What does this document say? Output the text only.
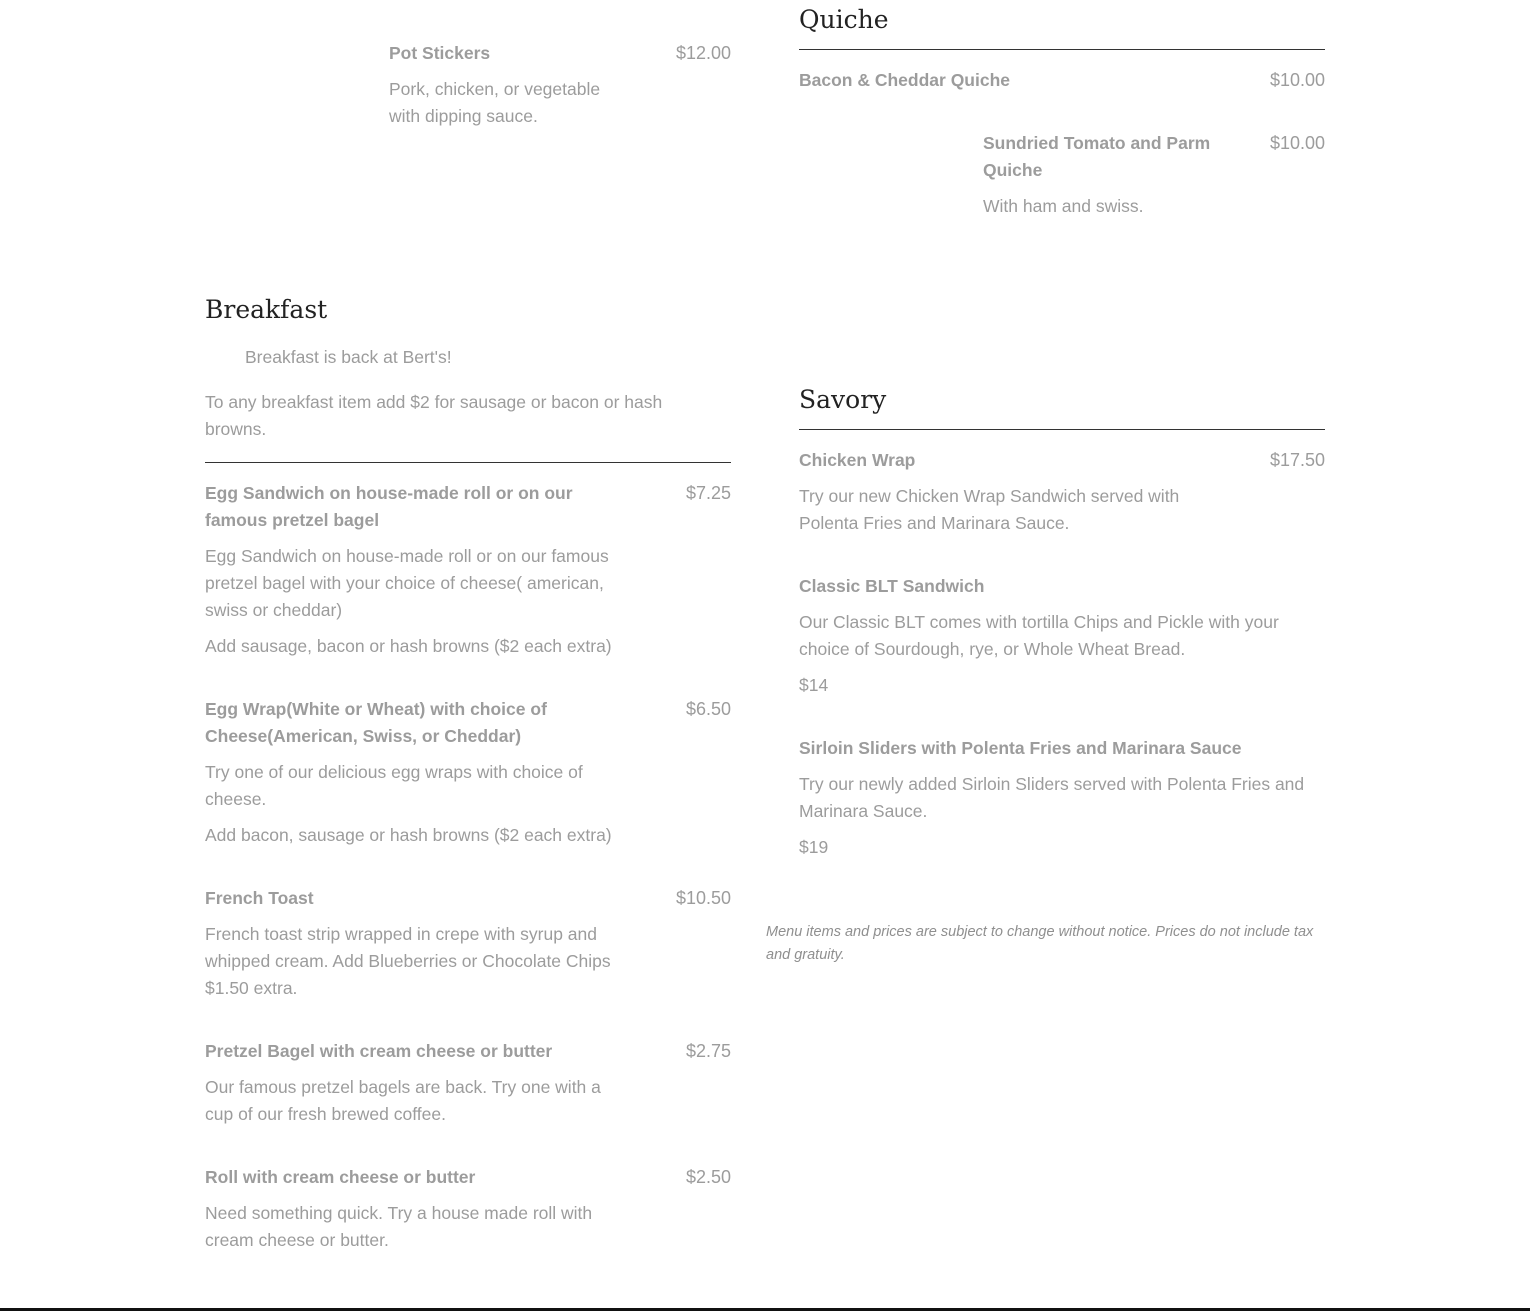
Pot Stickers	$12.00
Pork, chicken, or vegetable with dipping sauce.
Breakfast
Breakfast is back at Bert's!
To any breakfast item add $2 for sausage or bacon or hash browns.
Egg Sandwich on house-made roll or on our famous pretzel bagel
$7.25
Egg Sandwich on house-made roll or on our famous pretzel bagel with your choice of cheese( american, swiss or cheddar)
Add sausage, bacon or hash browns ($2 each extra)
Egg Wrap(White or Wheat) with choice of Cheese(American, Swiss, or Cheddar)
$6.50
Try one of our delicious egg wraps with choice of cheese.
Add bacon, sausage or hash browns ($2 each extra)
French Toast	$10.50
French toast strip wrapped in crepe with syrup and whipped cream. Add Blueberries or Chocolate Chips $1.50 extra.
Pretzel Bagel with cream cheese or butter	$2.75
Our famous pretzel bagels are back. Try one with a cup of our fresh brewed coffee.
Roll with cream cheese or butter	$2.50
Need something quick. Try a house made roll with cream cheese or butter.
Quiche
Bacon & Cheddar Quiche	$10.00
Sundried Tomato and Parm Quiche
$10.00
With ham and swiss.
Savory
Chicken Wrap	$17.50
Try our new Chicken Wrap Sandwich served with Polenta Fries and Marinara Sauce.
Classic BLT Sandwich
Our Classic BLT comes with tortilla Chips and Pickle with your choice of Sourdough, rye, or Whole Wheat Bread.
$14
Sirloin Sliders with Polenta Fries and Marinara Sauce
Try our newly added Sirloin Sliders served with Polenta Fries and Marinara Sauce.
$19
Menu items and prices are subject to change without notice. Prices do not include tax and gratuity.
